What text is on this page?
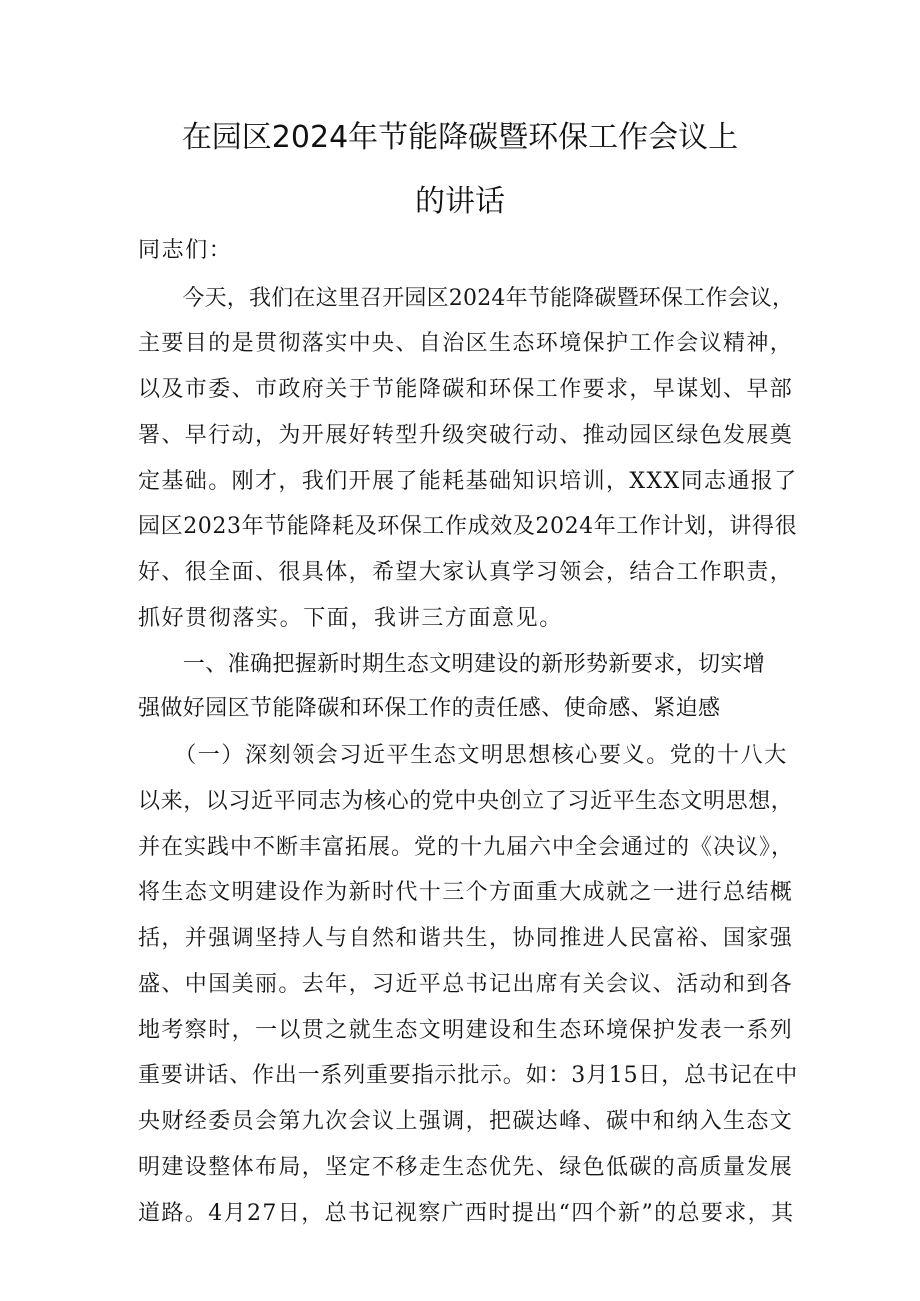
在园区2024年节能降碳暨环保工作会议上
的讲话
同志们：
　　今天，我们在这里召开园区2024年节能降碳暨环保工作会议，
主要目的是贯彻落实中央、自治区生态环境保护工作会议精神，
以及市委、市政府关于节能降碳和环保工作要求，早谋划、早部
署、早行动，为开展好转型升级突破行动、推动园区绿色发展奠
定基础。刚才，我们开展了能耗基础知识培训，XXX同志通报了
园区2023年节能降耗及环保工作成效及2024年工作计划，讲得很
好、很全面、很具体，希望大家认真学习领会，结合工作职责，
抓好贯彻落实。下面，我讲三方面意见。
　　一、准确把握新时期生态文明建设的新形势新要求，切实增
强做好园区节能降碳和环保工作的责任感、使命感、紧迫感
　　（一）深刻领会习近平生态文明思想核心要义。党的十八大
以来，以习近平同志为核心的党中央创立了习近平生态文明思想，
并在实践中不断丰富拓展。党的十九届六中全会通过的《决议》，
将生态文明建设作为新时代十三个方面重大成就之一进行总结概
括，并强调坚持人与自然和谐共生，协同推进人民富裕、国家强
盛、中国美丽。去年，习近平总书记出席有关会议、活动和到各
地考察时，一以贯之就生态文明建设和生态环境保护发表一系列
重要讲话、作出一系列重要指示批示。如：3月15日，总书记在中
央财经委员会第九次会议上强调，把碳达峰、碳中和纳入生态文
明建设整体布局，坚定不移走生态优先、绿色低碳的高质量发展
道路。4月27日，总书记视察广西时提出“四个新”的总要求，其
